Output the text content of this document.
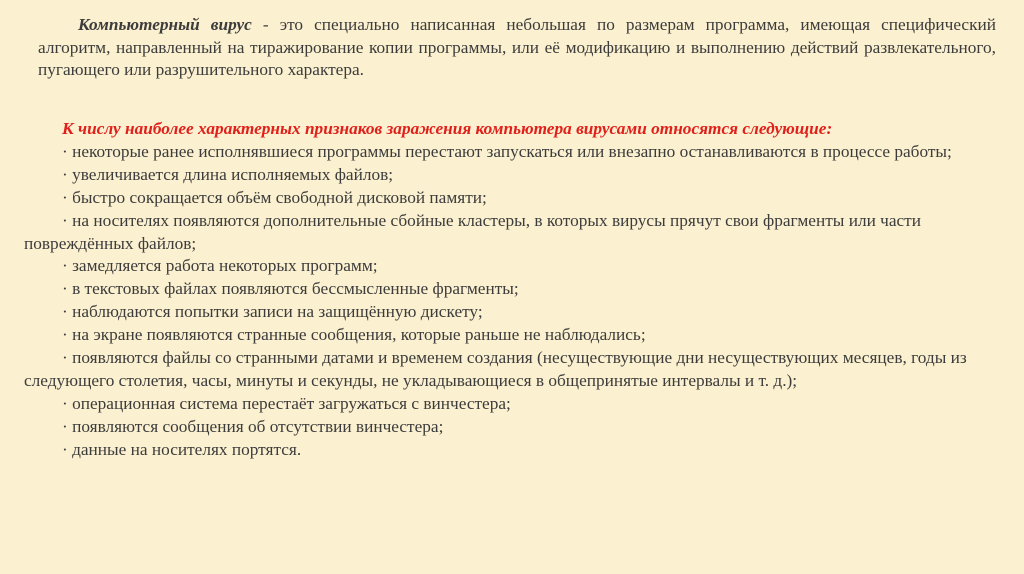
Компьютерный вирус - это специально написанная небольшая по размерам программа, имеющая специфический алгоритм, направленный на тиражирование копии программы, или её модификацию и выполнению действий развлекательного, пугающего или разрушительного характера.

К числу наиболее характерных признаков заражения компьютера вирусами относятся следующие:

· некоторые ранее исполнявшиеся программы перестают запускаться или внезапно останавливаются в процессе работы;
· увеличивается длина исполняемых файлов;
· быстро сокращается объём свободной дисковой памяти;
· на носителях появляются дополнительные сбойные кластеры, в которых вирусы прячут свои фрагменты или части повреждённых файлов;
· замедляется работа некоторых программ;
· в текстовых файлах появляются бессмысленные фрагменты;
· наблюдаются попытки записи на защищённую дискету;
· на экране появляются странные сообщения, которые раньше не наблюдались;
· появляются файлы со странными датами и временем создания (несуществующие дни несуществующих месяцев, годы из следующего столетия, часы, минуты и секунды, не укладывающиеся в общепринятые интервалы и т. д.);
· операционная система перестаёт загружаться с винчестера;
· появляются сообщения об отсутствии винчестера;
· данные на носителях портятся.
